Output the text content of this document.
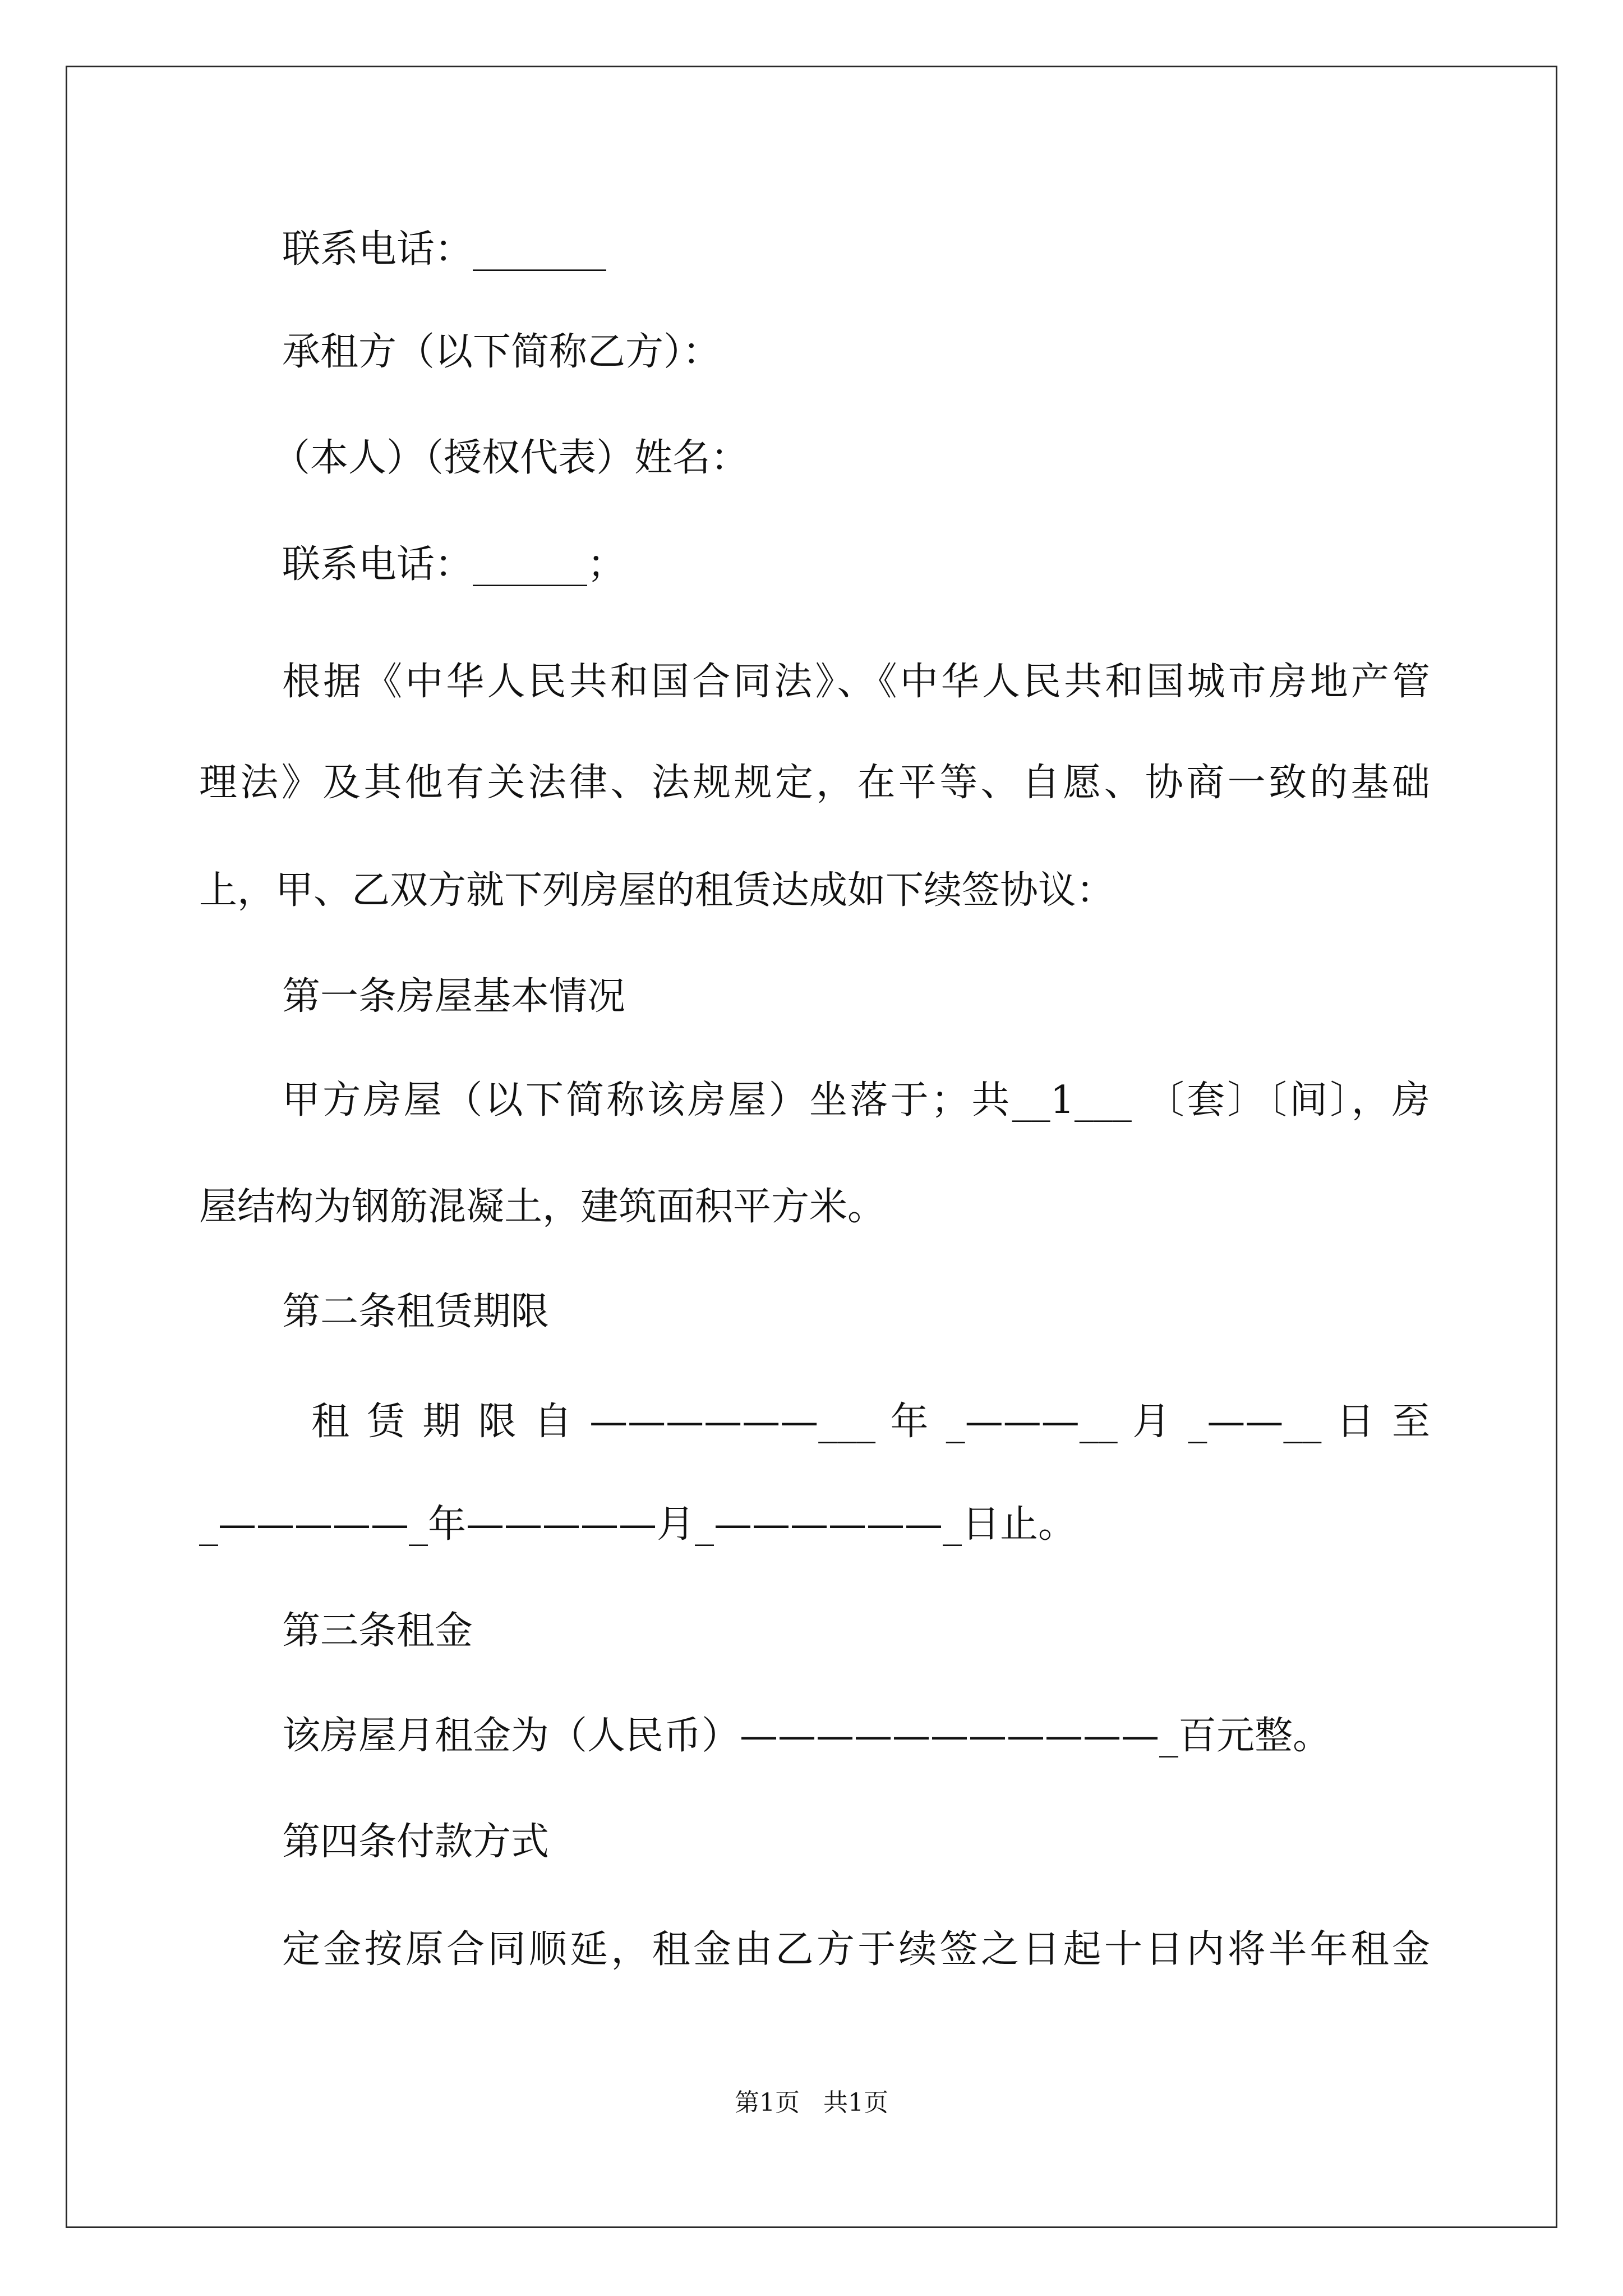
联系电话：_______
承租方（以下简称乙方）：
（本人）（授权代表）姓名：
联系电话：______；
根据《中华人民共和国合同法》、《中华人民共和国城市房地产管
理法》及其他有关法律、法规规定，在平等、自愿、协商一致的基础
上，甲、乙双方就下列房屋的租赁达成如下续签协议：
第一条房屋基本情况
甲方房屋（以下简称该房屋）坐落于；共__1___ 〔套〕〔间〕，房
屋结构为钢筋混凝土，建筑面积平方米。
第二条租赁期限
租 赁 期 限 自 ——————___ 年 _———__ 月 _——__ 日 至
_—————_年—————月_——————_日止。
第三条租金
该房屋月租金为（人民币）———————————_百元整。
第四条付款方式
定金按原合同顺延，租金由乙方于续签之日起十日内将半年租金
第1页   共1页
